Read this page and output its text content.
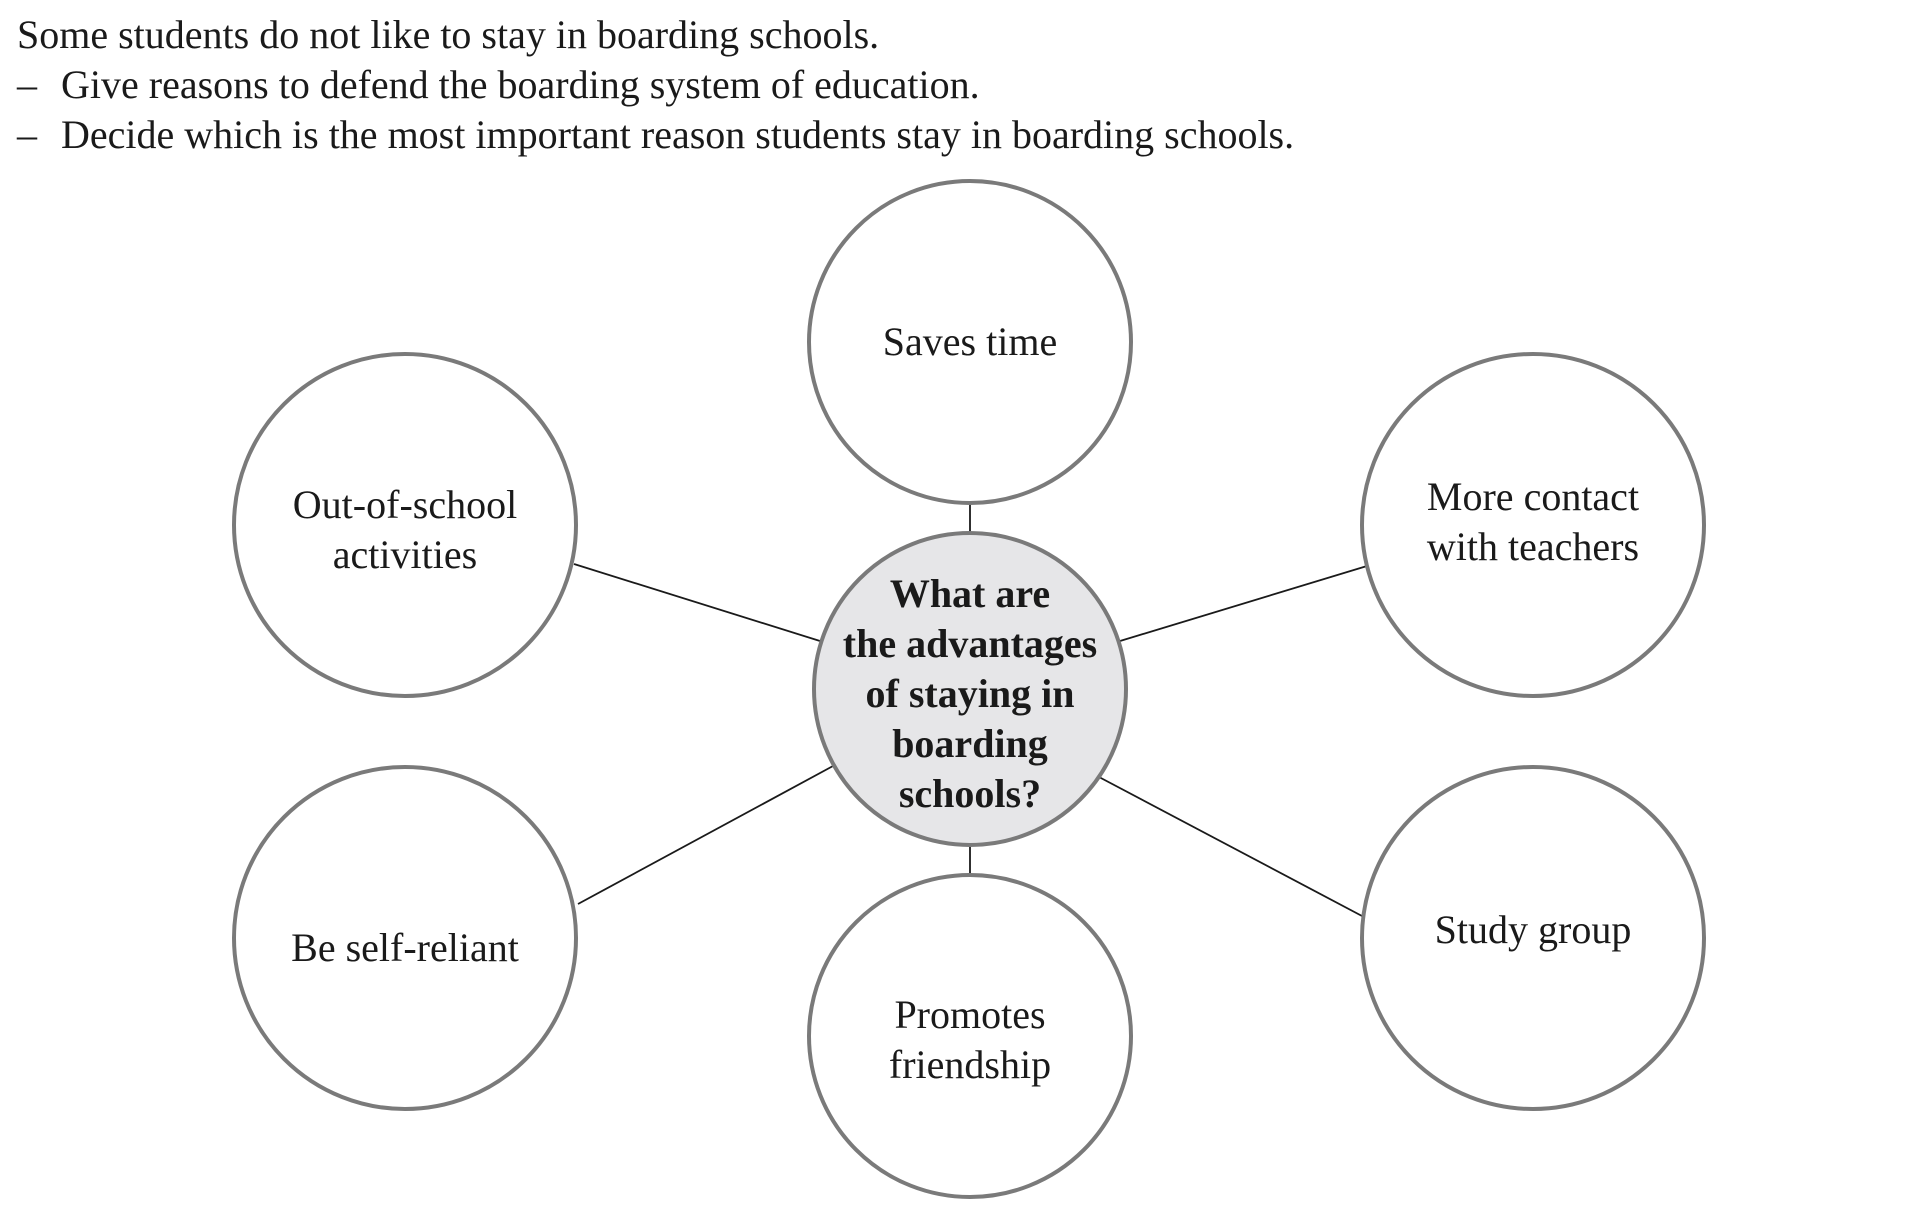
Some students do not like to stay in boarding schools.
– Give reasons to defend the boarding system of education.
– Decide which is the most important reason students stay in boarding schools.
Saves time
Out-of-school
activities
More contact
with teachers
Be self-reliant	Study group
Promotes
friendship
What are
the advantages
of staying in
boarding
schools?
